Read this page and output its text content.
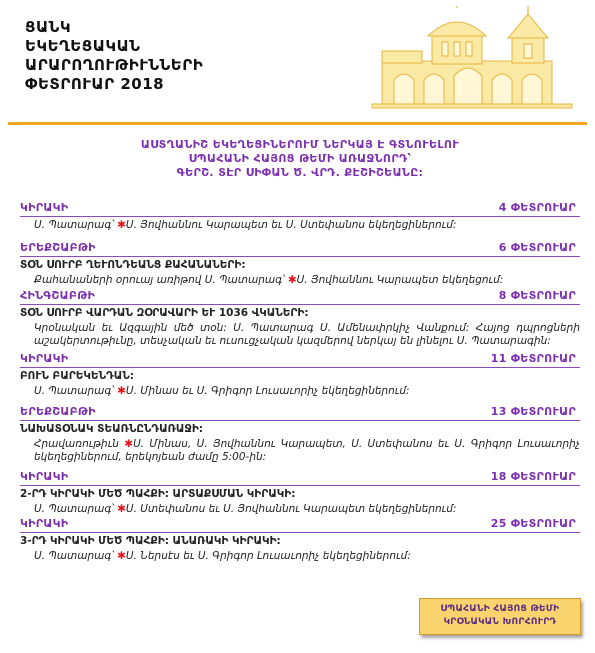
ՑԱՆԿ
ԵԿԵՂԵՑԱԿԱՆ
ԱՐԱՐՈՂՈՒԹԻՒՆՆԵՐԻ
ՓԵՏՐՈՒԱՐ 2018
ԱՍՏՂԱՆԻՇ ԵԿԵՂԵՑԻՆԵՐՈՒՄ ՆԵՐԿԱՅ Է ԳՏՆՈՒԵԼՈՒ
ՍՊԱՀԱՆԻ ՀԱՅՈՑ ԹԵՄԻ ԱՌԱՋՆՈՐԴ՝
ԳԵՐՇ. ՏԷՐ ՍԻՓԱՆ Ծ. ՎՐԴ. ՔԷՇԻՇԵԱՆԸ:
ԿԻՐԱԿԻ	4 ՓԵՏՐՈՒԱՐ
Ս. Պատարագ՝ ✱Ս. Յովհաննու Կարապետ եւ Ս. Ստեփանոս եկեղեցիներում:
ԵՐԵՔՇԱԲԹԻ	6 ՓԵՏՐՈՒԱՐ
ՏՕՆ ՍՈՒՐԲ ՂԵՒՈՆԴԵԱՆՑ ՔԱՀԱՆԱՆԵՐԻ:
Քահանաների օրուայ առիթով Ս. Պատարագ՝ ✱Ս. Յովհաննու Կարապետ եկեղեցում:
ՀԻՆԳՇԱԲԹԻ	8 ՓԵՏՐՈՒԱՐ
ՏՕՆ ՍՈՒՐԲ ՎԱՐԴԱՆ ԶՕՐԱՎԱՐԻ ԵՒ 1036 ՎԿԱՆԵՐԻ:
Կրօնական եւ Ազգային մեծ տօն: Ս. Պատարագ Ս. Ամենափրկիչ Վանքում: Հայոց դպրոցների աշակերտութիւնը, տեսչական եւ ուսուցչական կազմերով ներկայ են լինելու Ս. Պատարագին:
ԿԻՐԱԿԻ	11 ՓԵՏՐՈՒԱՐ
ԲՈՒՆ ԲԱՐԵԿԵՆԴԱՆ:
Ս. Պատարագ՝ ✱Ս. Մինաս եւ Ս. Գրիգոր Լուսաւորիչ եկեղեցիներում:
ԵՐԵՔՇԱԲԹԻ	13 ՓԵՏՐՈՒԱՐ
ՆԱԽԱՏՕՆԱԿ ՏԵԱՌՆԸՆԴԱՌԱՋԻ:
Հրավառութիւն ✱Ս. Մինաս, Ս. Յովհաննու Կարապետ, Ս. Ստեփանոս եւ Ս. Գրիգոր Լուսաւորիչ եկեղեցիներում, երեկոյեան ժամը 5:00-ին:
ԿԻՐԱԿԻ	18 ՓԵՏՐՈՒԱՐ
2-ՐԴ ԿԻՐԱԿԻ ՄԵԾ ՊԱՀՔԻ: ԱՐՏԱՔՍՄԱՆ ԿԻՐԱԿԻ:
Ս. Պատարագ՝ ✱Ս. Ստեփանոս եւ Ս. Յովհաննու Կարապետ եկեղեցիներում:
ԿԻՐԱԿԻ	25 ՓԵՏՐՈՒԱՐ
3-ՐԴ ԿԻՐԱԿԻ ՄԵԾ ՊԱՀՔԻ: ԱՆԱՌԱԿԻ ԿԻՐԱԿԻ:
Ս. Պատարագ՝ ✱Ս. Ներսէս եւ Ս. Գրիգոր Լուսաւորիչ եկեղեցիներում:
ՍՊԱՀԱՆԻ ՀԱՅՈՑ ԹԵՄԻ
ԿՐՕՆԱԿԱՆ ԽՈՐՀՈՒՐԴ
